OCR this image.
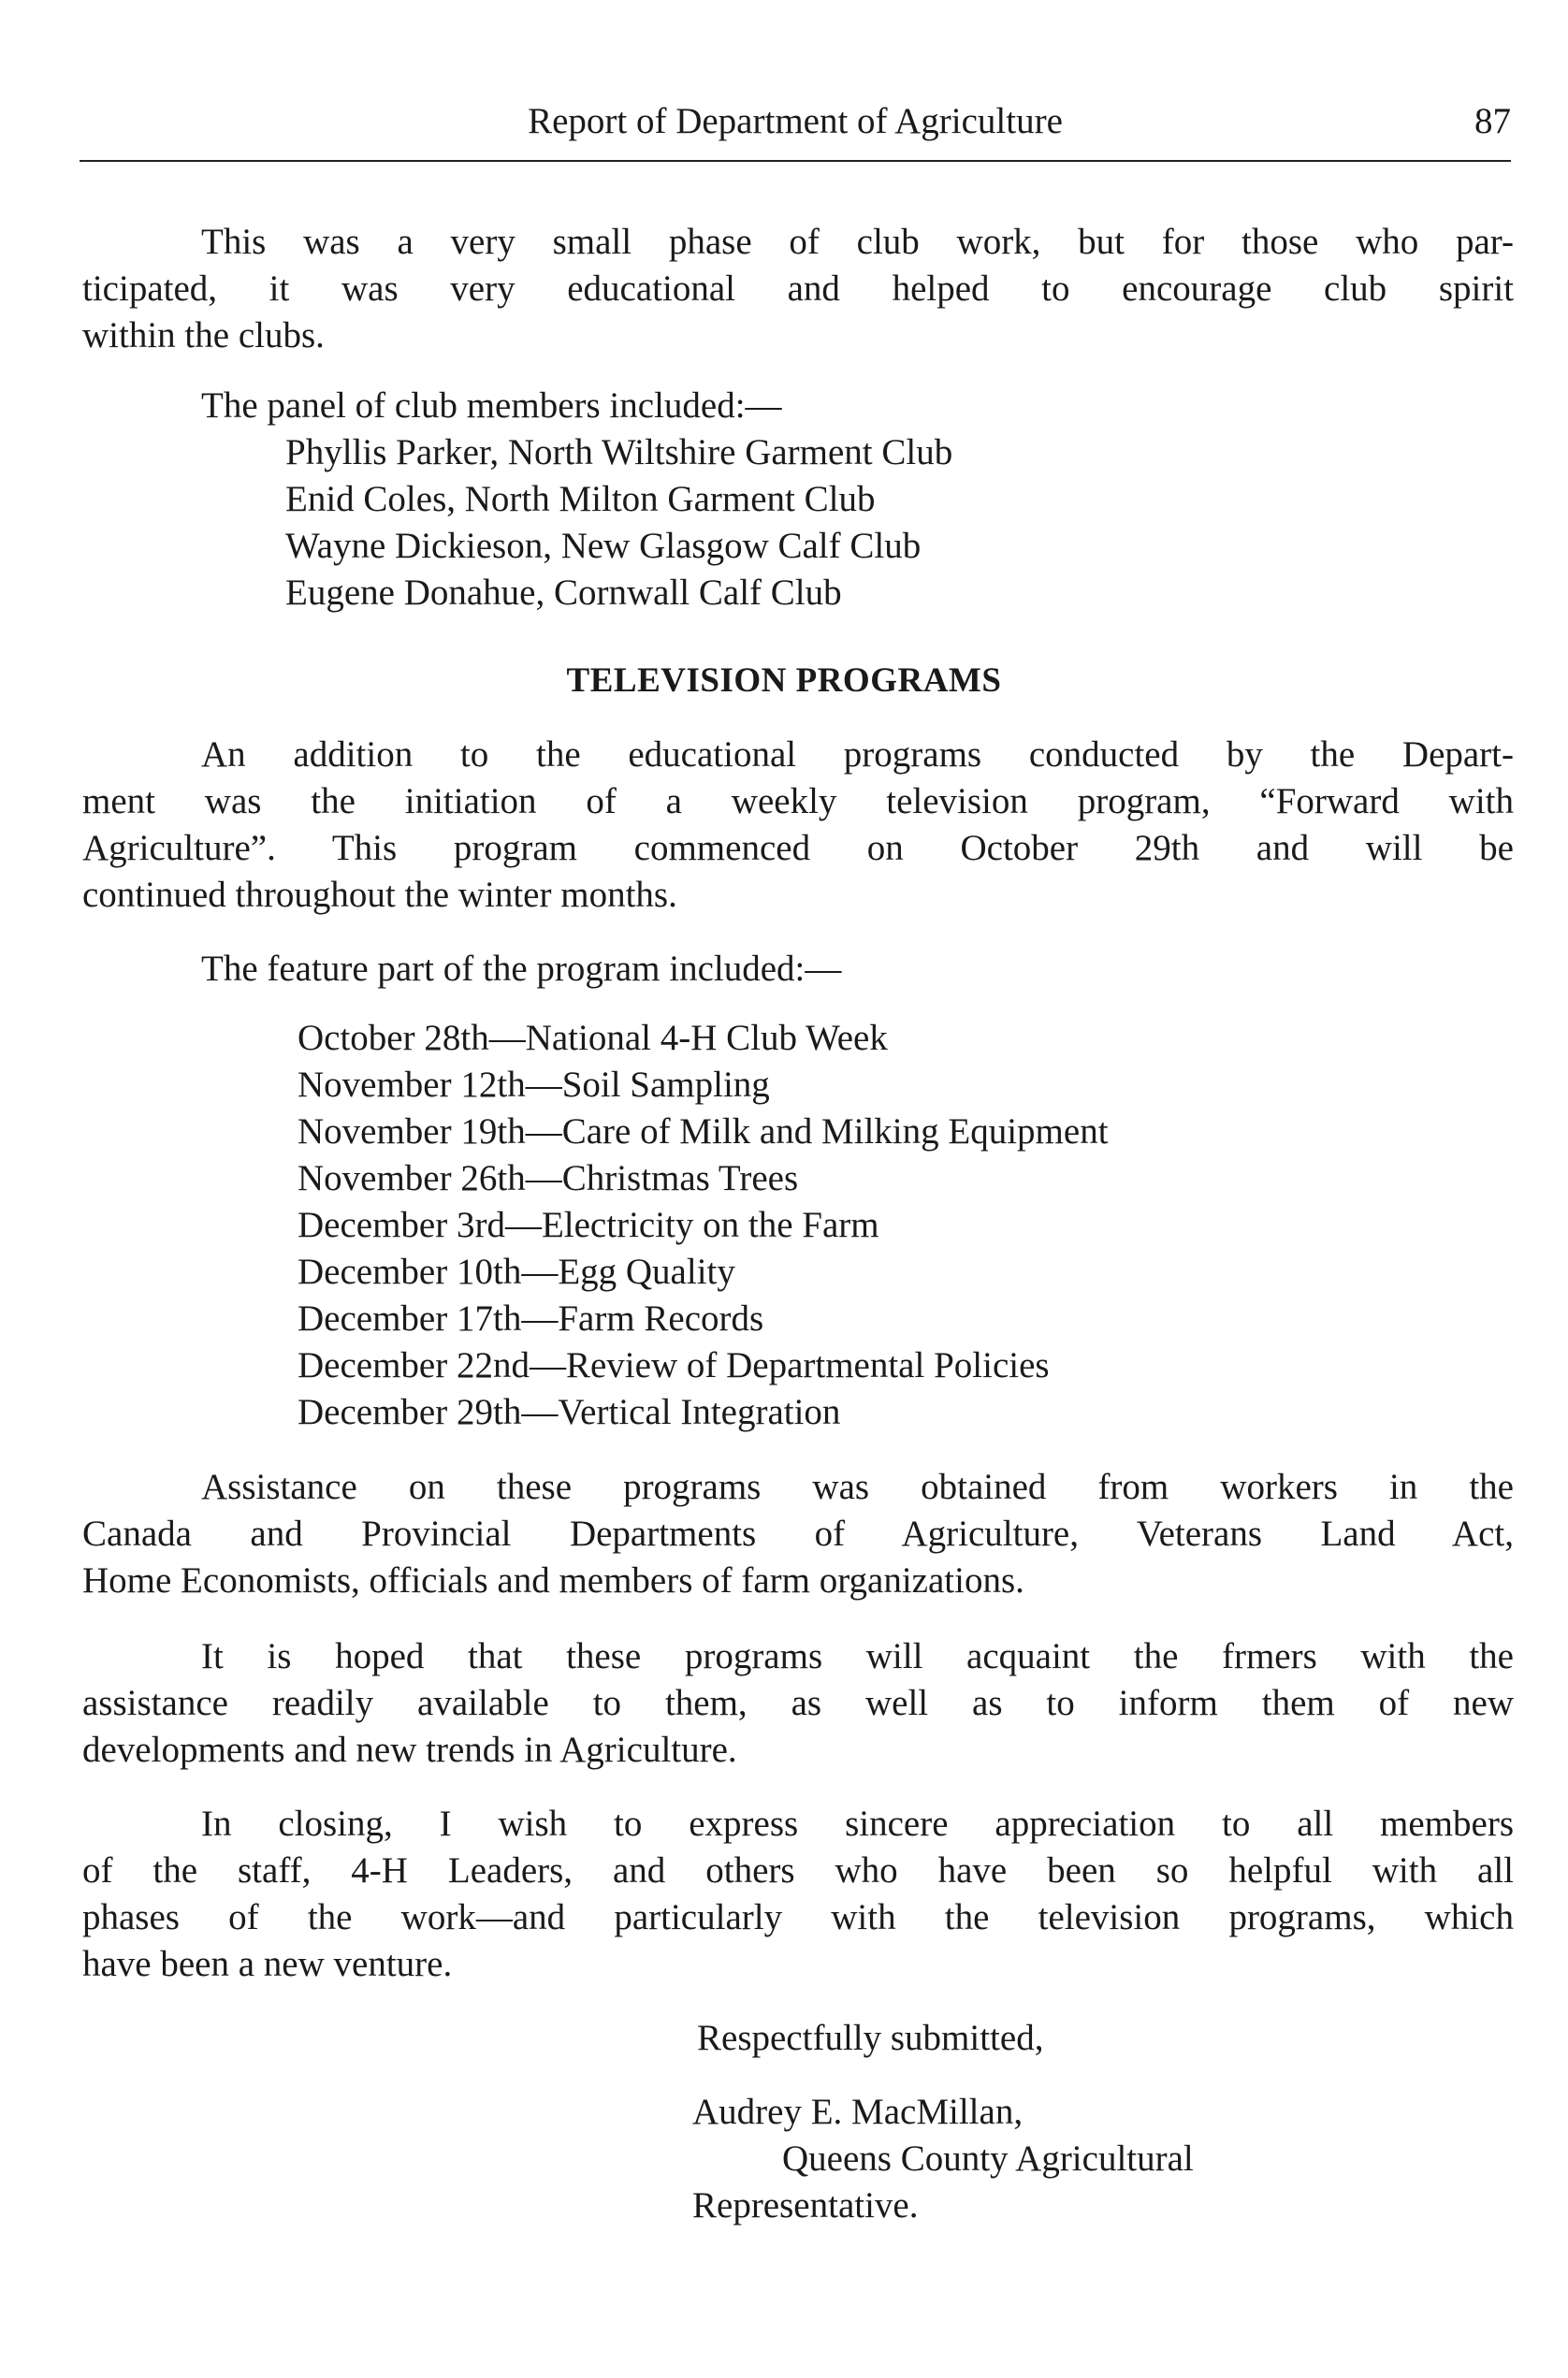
Report of Department of Agriculture	87

This was a very small phase of club work, but for those who par-
ticipated, it was very educational and helped to encourage club spirit
within the clubs.

The panel of club members included:—
Phyllis Parker, North Wiltshire Garment Club
Enid Coles, North Milton Garment Club
Wayne Dickieson, New Glasgow Calf Club
Eugene Donahue, Cornwall Calf Club
TELEVISION PROGRAMS

An addition to the educational programs conducted by the Depart-
ment was the initiation of a weekly television program, “Forward with
Agriculture”. This program commenced on October 29th and will be
continued throughout the winter months.

The feature part of the program included:—
October 28th—National 4-H Club Week
November 12th—Soil Sampling
November 19th—Care of Milk and Milking Equipment
November 26th—Christmas Trees
December 3rd—Electricity on the Farm
December 10th—Egg Quality
December 17th—Farm Records
December 22nd—Review of Departmental Policies
December 29th—Vertical Integration

Assistance on these programs was obtained from workers in the
Canada and Provincial Departments of Agriculture, Veterans Land Act,
Home Economists, officials and members of farm organizations.

It is hoped that these programs will acquaint the frmers with the
assistance readily available to them, as well as to inform them of new
developments and new trends in Agriculture.

In closing, I wish to express sincere appreciation to all members
of the staff, 4-H Leaders, and others who have been so helpful with all
phases of the work—and particularly with the television programs, which
have been a new venture.

Respectfully submitted,
Audrey E. MacMillan,
Queens County Agricultural
Representative.
